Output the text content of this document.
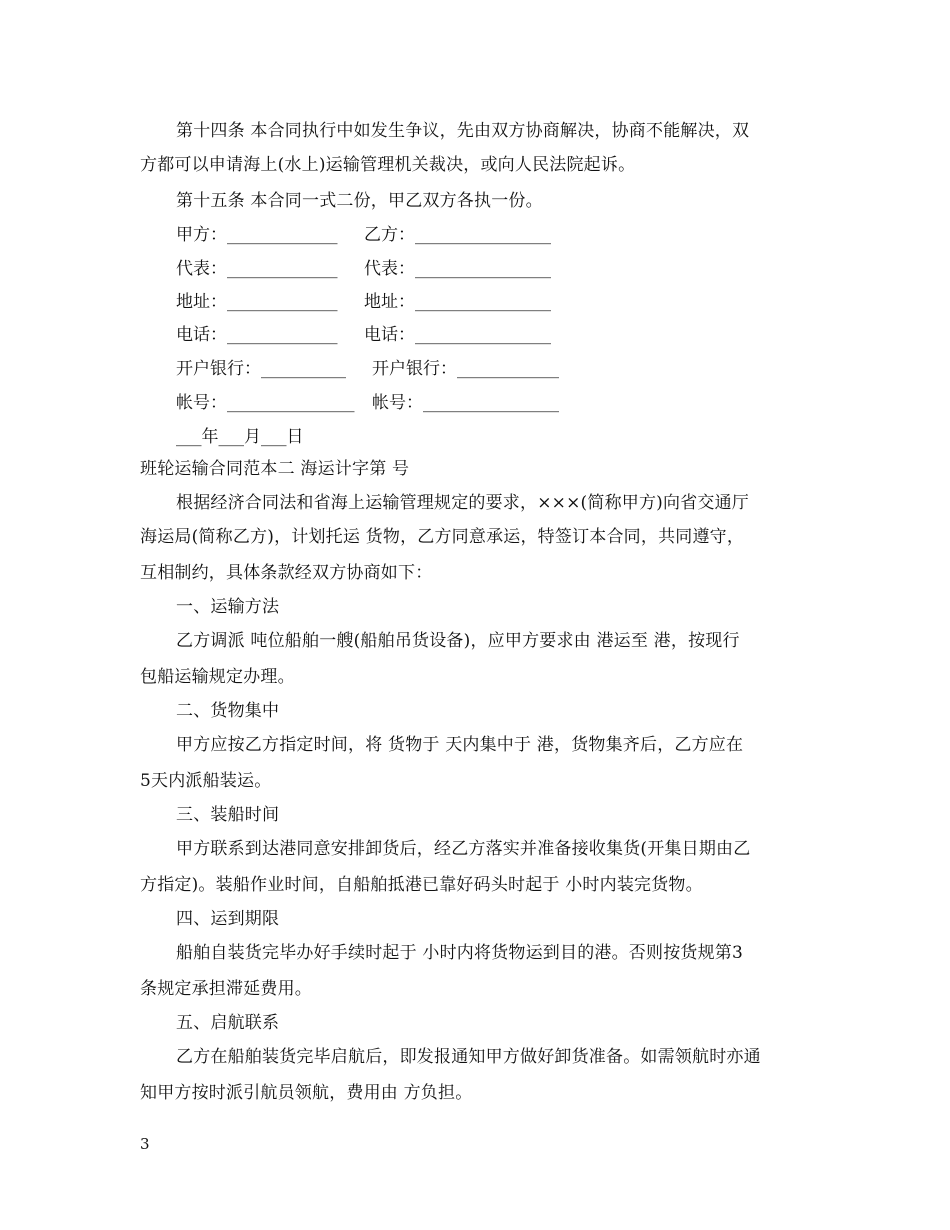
第十四条 本合同执行中如发生争议，先由双方协商解决，协商不能解决，双
方都可以申请海上(水上)运输管理机关裁决，或向人民法院起诉。
第十五条 本合同一式二份，甲乙双方各执一份。
甲方：_____________ 乙方：________________
代表：_____________ 代表：________________
地址：_____________ 地址：________________
电话：_____________ 电话：________________
开户银行：__________ 开户银行：____________
帐号：_______________ 帐号：________________
___年___月___日
班轮运输合同范本二 海运计字第 号
根据经济合同法和省海上运输管理规定的要求，×××(简称甲方)向省交通厅
海运局(简称乙方)，计划托运 货物，乙方同意承运，特签订本合同，共同遵守，
互相制约，具体条款经双方协商如下：
一、运输方法
乙方调派 吨位船舶一艘(船舶吊货设备)，应甲方要求由 港运至 港，按现行
包船运输规定办理。
二、货物集中
甲方应按乙方指定时间，将 货物于 天内集中于 港，货物集齐后，乙方应在
5天内派船装运。
三、装船时间
甲方联系到达港同意安排卸货后，经乙方落实并准备接收集货(开集日期由乙
方指定)。装船作业时间，自船舶抵港已靠好码头时起于 小时内装完货物。
四、运到期限
船舶自装货完毕办好手续时起于 小时内将货物运到目的港。否则按货规第3
条规定承担滞延费用。
五、启航联系
乙方在船舶装货完毕启航后，即发报通知甲方做好卸货准备。如需领航时亦通
知甲方按时派引航员领航，费用由 方负担。
3
